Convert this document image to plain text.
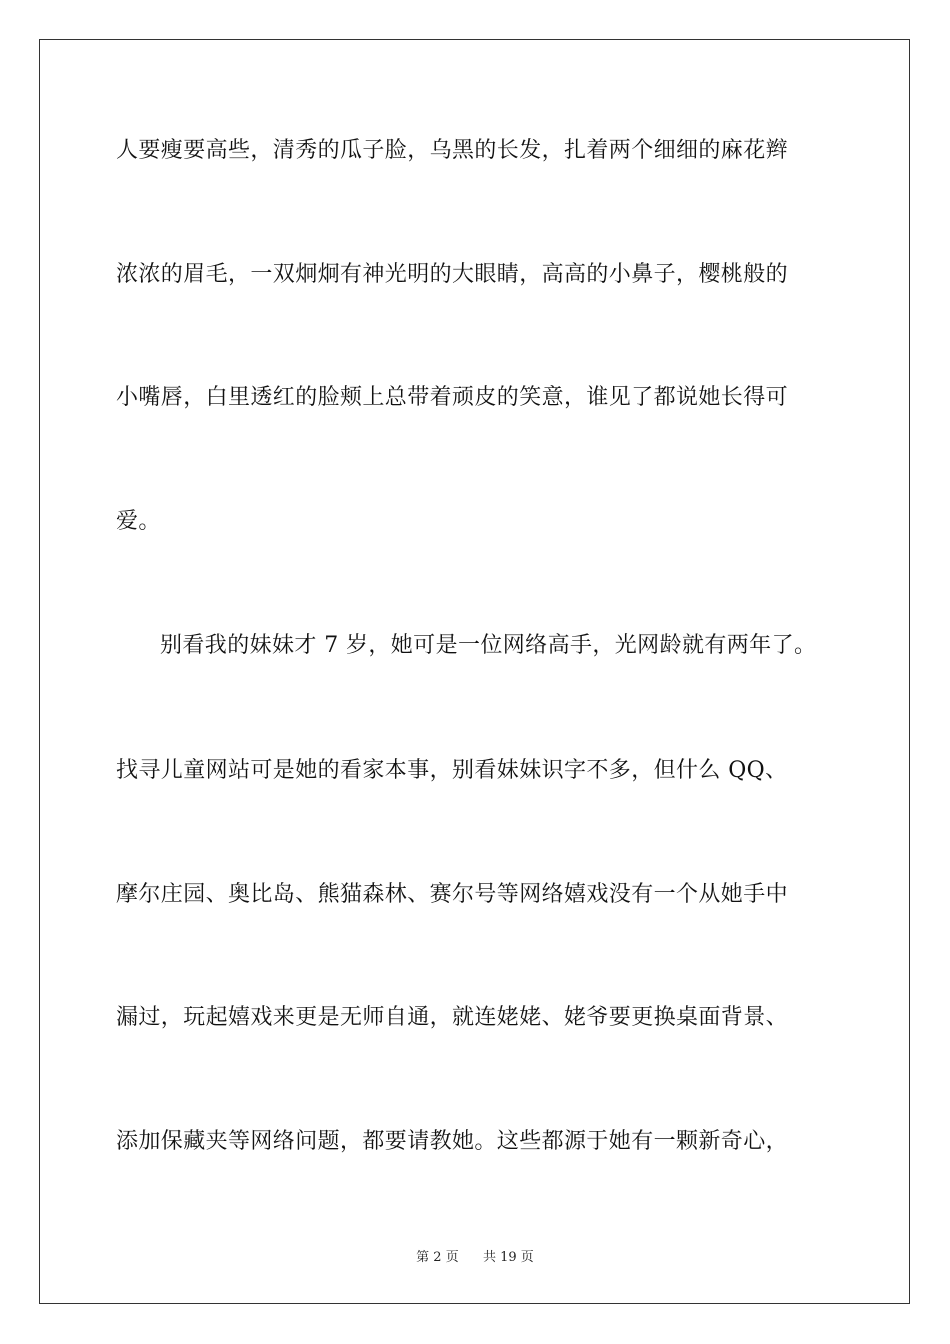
人要瘦要高些，清秀的瓜子脸，乌黑的长发，扎着两个细细的麻花辫
浓浓的眉毛，一双炯炯有神光明的大眼睛，高高的小鼻子，樱桃般的
小嘴唇，白里透红的脸颊上总带着顽皮的笑意，谁见了都说她长得可
爱。
别看我的妹妹才 7 岁，她可是一位网络高手，光网龄就有两年了。
找寻儿童网站可是她的看家本事，别看妹妹识字不多，但什么 QQ、
摩尔庄园、奥比岛、熊猫森林、赛尔号等网络嬉戏没有一个从她手中
漏过，玩起嬉戏来更是无师自通，就连姥姥、姥爷要更换桌面背景、
添加保藏夹等网络问题，都要请教她。这些都源于她有一颗新奇心，
第 2 页 共 19 页
